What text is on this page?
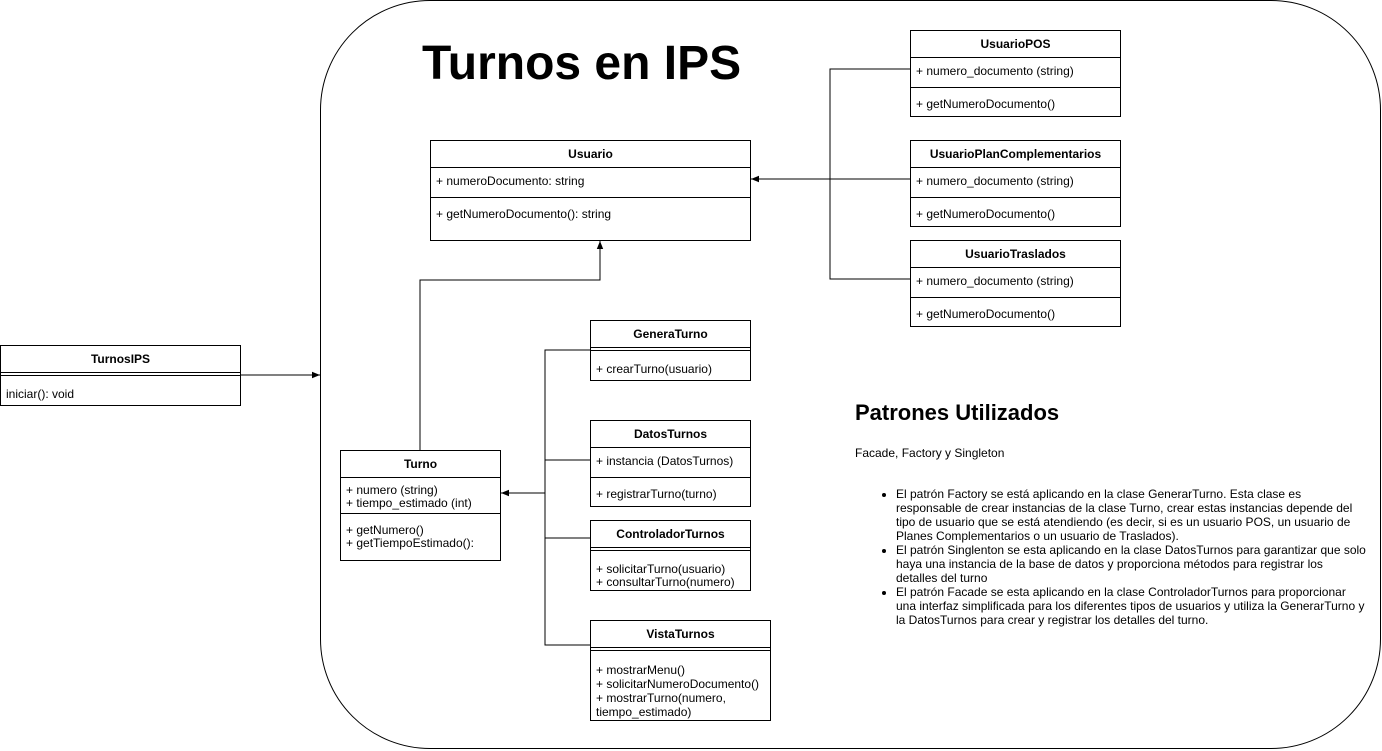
Turnos en IPS
TurnosIPS
iniciar(): void
Usuario
+ numeroDocumento: string
+ getNumeroDocumento(): string
UsuarioPOS
+ numero_documento (string)
+ getNumeroDocumento()
UsuarioPlanComplementarios
+ numero_documento (string)
+ getNumeroDocumento()
UsuarioTraslados
+ numero_documento (string)
+ getNumeroDocumento()
Turno
+ numero (string)
+ tiempo_estimado (int)
+ getNumero()
+ getTiempoEstimado():
GeneraTurno
+ crearTurno(usuario)
DatosTurnos
+ instancia (DatosTurnos)
+ registrarTurno(turno)
ControladorTurnos
+ solicitarTurno(usuario)
+ consultarTurno(numero)
VistaTurnos
+ mostrarMenu()
+ solicitarNumeroDocumento()
+ mostrarTurno(numero,
tiempo_estimado)
Patrones Utilizados
Facade, Factory y Singleton
• El patrón Factory se está aplicando en la clase GenerarTurno. Esta clase es responsable de crear instancias de la clase Turno, crear estas instancias depende del tipo de usuario que se está atendiendo (es decir, si es un usuario POS, un usuario de Planes Complementarios o un usuario de Traslados).
• El patrón Singlenton se esta aplicando en la clase DatosTurnos para garantizar que solo haya una instancia de la base de datos y proporciona métodos para registrar los detalles del turno
• El patrón Facade se esta aplicando en la clase ControladorTurnos para proporcionar una interfaz simplificada para los diferentes tipos de usuarios y utiliza la GenerarTurno y la DatosTurnos para crear y registrar los detalles del turno.
